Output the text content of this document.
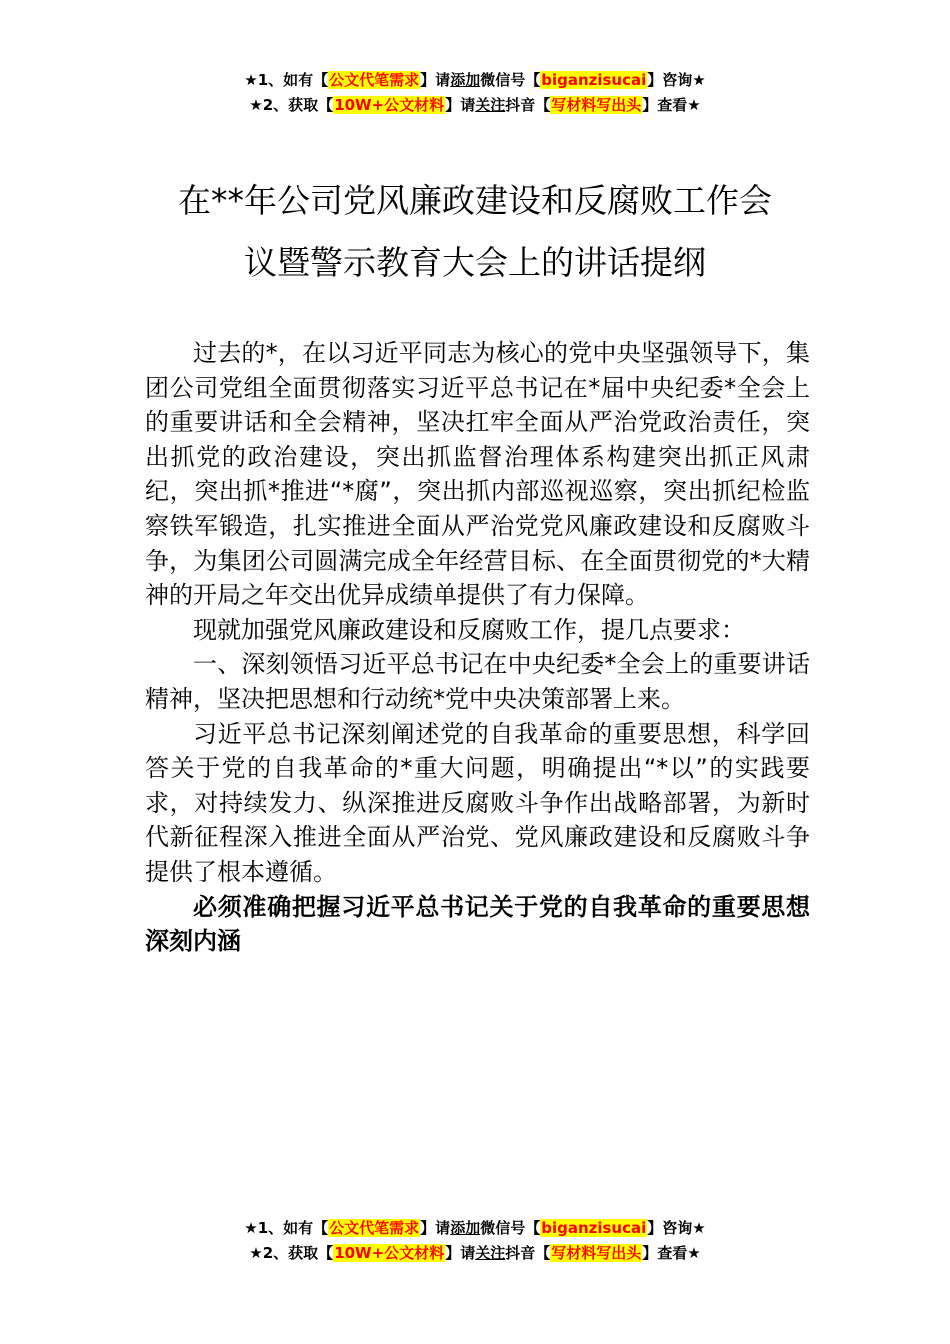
★1、如有【公文代笔需求】请添加微信号【biganzisucai】咨询★
★2、获取【10W+公文材料】请关注抖音【写材料写出头】查看★
在**年公司党风廉政建设和反腐败工作会
议暨警示教育大会上的讲话提纲

过去的*，在以习近平同志为核心的党中央坚强领导下，集团公司党组全面贯彻落实习近平总书记在*届中央纪委*全会上的重要讲话和全会精神，坚决扛牢全面从严治党政治责任，突出抓党的政治建设，突出抓监督治理体系构建突出抓正风肃纪，突出抓*推进“*腐”，突出抓内部巡视巡察，突出抓纪检监察铁军锻造，扎实推进全面从严治党党风廉政建设和反腐败斗争，为集团公司圆满完成全年经营目标、在全面贯彻党的*大精神的开局之年交出优异成绩单提供了有力保障。

现就加强党风廉政建设和反腐败工作，提几点要求：

一、深刻领悟习近平总书记在中央纪委*全会上的重要讲话精神，坚决把思想和行动统*党中央决策部署上来。

习近平总书记深刻阐述党的自我革命的重要思想，科学回答关于党的自我革命的*重大问题，明确提出“*以”的实践要求，对持续发力、纵深推进反腐败斗争作出战略部署，为新时代新征程深入推进全面从严治党、党风廉政建设和反腐败斗争提供了根本遵循。

必须准确把握习近平总书记关于党的自我革命的重要思想深刻内涵

★1、如有【公文代笔需求】请添加微信号【biganzisucai】咨询★
★2、获取【10W+公文材料】请关注抖音【写材料写出头】查看★
